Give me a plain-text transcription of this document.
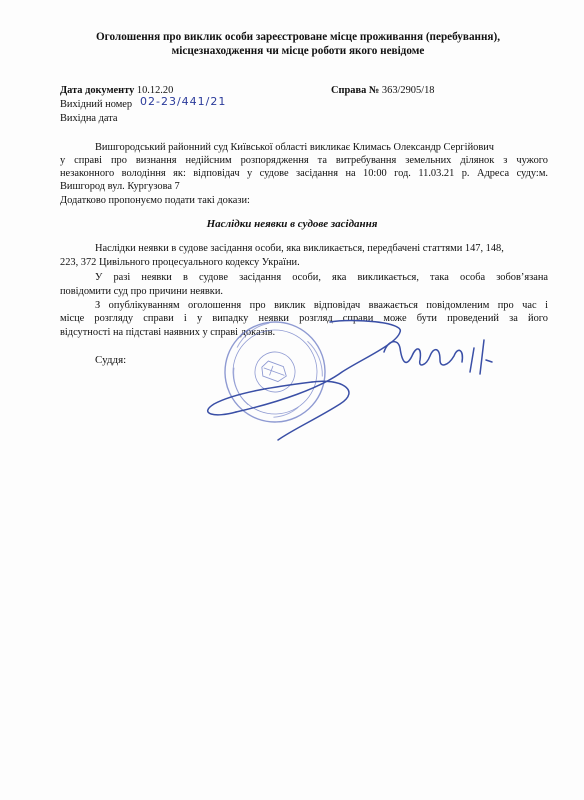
Оголошення про виклик особи зареєстроване місце проживання (перебування),
місцезнаходження чи місце роботи якого невідоме
Дата документу 10.12.20	Справа № 363/2905/18
Вихідний номер 02-23/441/21
Вихідна дата
Вишгородський районний суд Київської області викликає Климась Олександр Сергійович
у справі про визнання недійсним розпорядження та витребування земельних ділянок з чужого
незаконного володіння як: відповідач у судове засідання на 10:00 год. 11.03.21 р. Адреса суду:м.
Вишгород вул. Кургузова 7
Додатково пропонуємо подати такі докази:
Наслідки неявки в судове засідання
Наслідки неявки в судове засідання особи, яка викликається, передбачені статтями 147, 148,
223, 372 Цивільного процесуального кодексу України.
У разі неявки в судове засідання особи, яка викликається, така особа зобов’язана
повідомити суд про причини неявки.
З опублікуванням оголошення про виклик відповідач вважається повідомленим про час і
місце розгляду справи і у випадку неявки розгляд справи може бути проведений за його
відсутності на підставі наявних у справі доказів.
Суддя:
